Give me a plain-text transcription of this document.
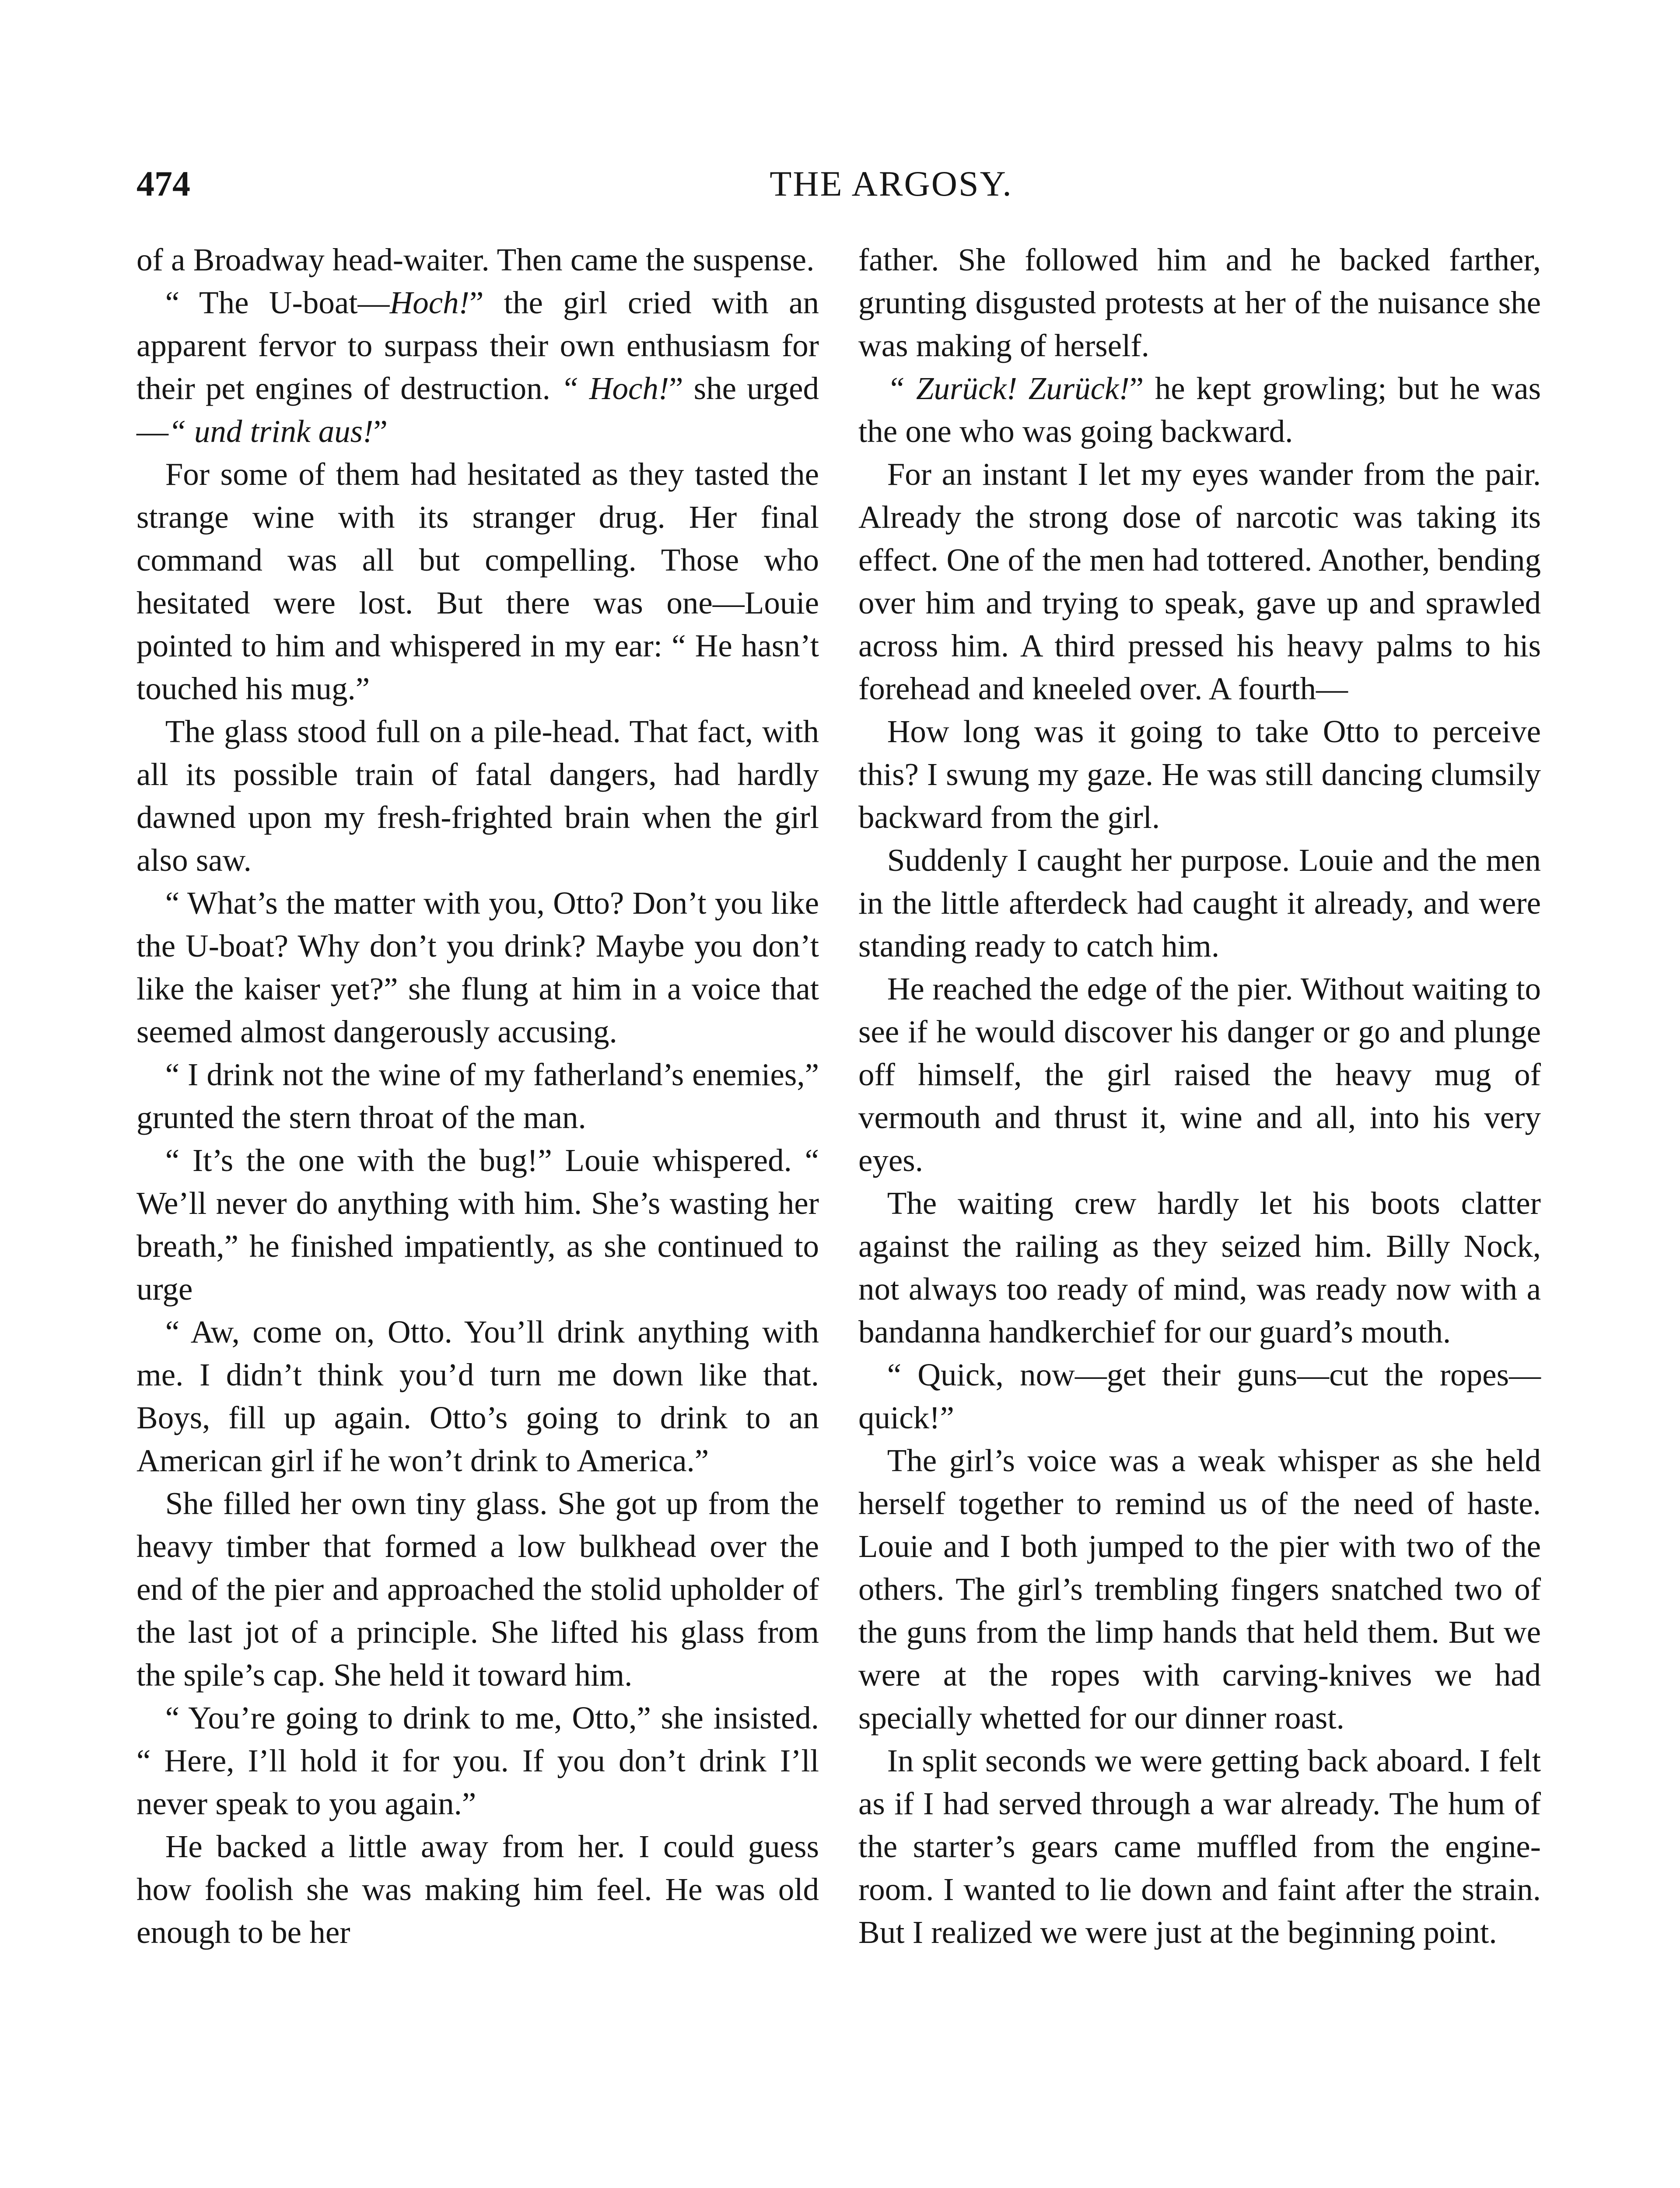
474	THE ARGOSY.

of a Broadway head-waiter. Then came the suspense.

“ The U-boat—Hoch!” the girl cried with an apparent fervor to surpass their own enthusiasm for their pet engines of destruction. “ Hoch!” she urged—“ und trink aus!”

For some of them had hesitated as they tasted the strange wine with its stranger drug. Her final command was all but compelling. Those who hesitated were lost. But there was one—Louie pointed to him and whispered in my ear: “ He hasn’t touched his mug.”

The glass stood full on a pile-head. That fact, with all its possible train of fatal dangers, had hardly dawned upon my fresh-frighted brain when the girl also saw.

“ What’s the matter with you, Otto? Don’t you like the U-boat? Why don’t you drink? Maybe you don’t like the kaiser yet?” she flung at him in a voice that seemed almost dangerously accusing.

“ I drink not the wine of my fatherland’s enemies,” grunted the stern throat of the man.

“ It’s the one with the bug!” Louie whispered. “ We’ll never do anything with him. She’s wasting her breath,” he finished impatiently, as she continued to urge

“ Aw, come on, Otto. You’ll drink anything with me. I didn’t think you’d turn me down like that. Boys, fill up again. Otto’s going to drink to an American girl if he won’t drink to America.”

She filled her own tiny glass. She got up from the heavy timber that formed a low bulkhead over the end of the pier and approached the stolid upholder of the last jot of a principle. She lifted his glass from the spile’s cap. She held it toward him.

“ You’re going to drink to me, Otto,” she insisted. “ Here, I’ll hold it for you. If you don’t drink I’ll never speak to you again.”

He backed a little away from her. I could guess how foolish she was making him feel. He was old enough to be her

father. She followed him and he backed farther, grunting disgusted protests at her of the nuisance she was making of herself.

“ Zurück! Zurück!” he kept growling; but he was the one who was going backward.

For an instant I let my eyes wander from the pair. Already the strong dose of narcotic was taking its effect. One of the men had tottered. Another, bending over him and trying to speak, gave up and sprawled across him. A third pressed his heavy palms to his forehead and kneeled over. A fourth—

How long was it going to take Otto to perceive this? I swung my gaze. He was still dancing clumsily backward from the girl.

Suddenly I caught her purpose. Louie and the men in the little afterdeck had caught it already, and were standing ready to catch him.

He reached the edge of the pier. Without waiting to see if he would discover his danger or go and plunge off himself, the girl raised the heavy mug of vermouth and thrust it, wine and all, into his very eyes.

The waiting crew hardly let his boots clatter against the railing as they seized him. Billy Nock, not always too ready of mind, was ready now with a bandanna handkerchief for our guard’s mouth.

“ Quick, now—get their guns—cut the ropes—quick!”

The girl’s voice was a weak whisper as she held herself together to remind us of the need of haste. Louie and I both jumped to the pier with two of the others. The girl’s trembling fingers snatched two of the guns from the limp hands that held them. But we were at the ropes with carving-knives we had specially whetted for our dinner roast.

In split seconds we were getting back aboard. I felt as if I had served through a war already. The hum of the starter’s gears came muffled from the engine-room. I wanted to lie down and faint after the strain. But I realized we were just at the beginning point.
